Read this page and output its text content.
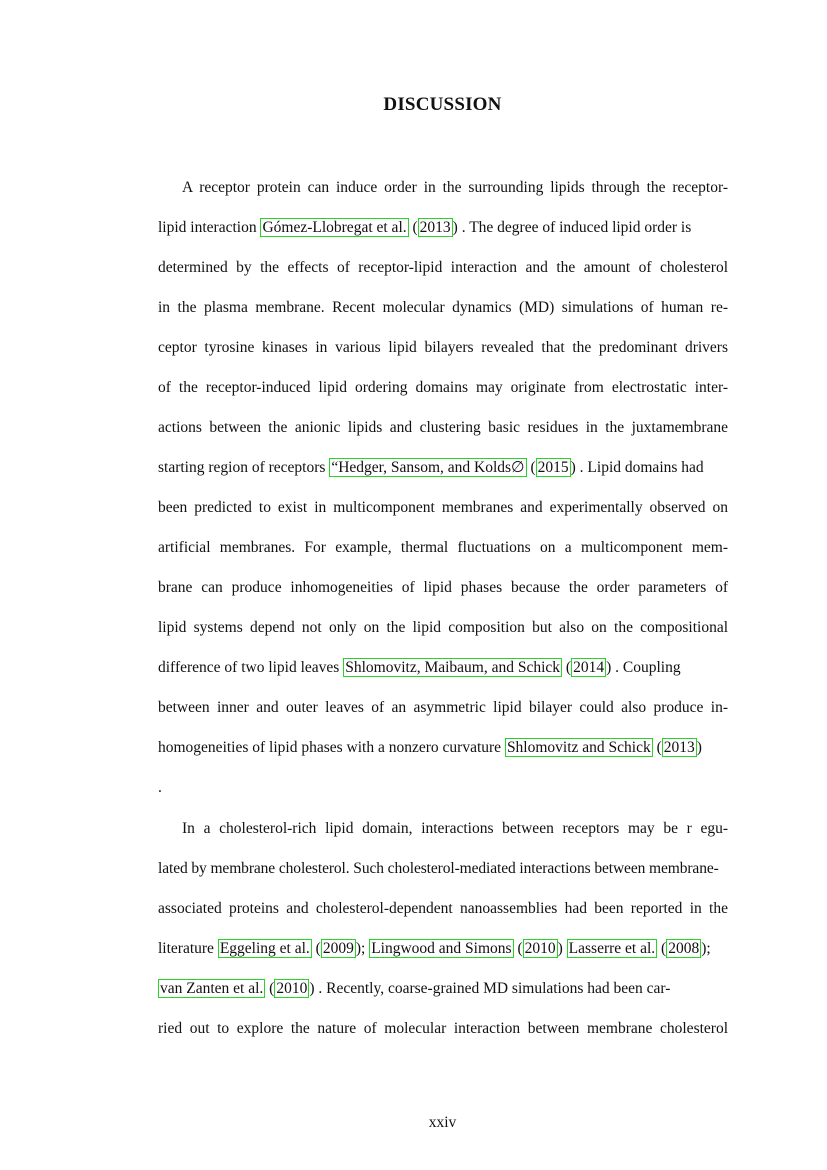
DISCUSSION
A receptor protein can induce order in the surrounding lipids through the receptor-
lipid interaction Gómez-Llobregat et al. ( 2013 ) . The degree of induced lipid order is
determined by the effects of receptor-lipid interaction and the amount of cholesterol
in the plasma membrane. Recent molecular dynamics (MD) simulations of human re-
ceptor tyrosine kinases in various lipid bilayers revealed that the predominant drivers
of the receptor-induced lipid ordering domains may originate from electrostatic inter-
actions between the anionic lipids and clustering basic residues in the juxtamembrane
starting region of receptors “Hedger, Sansom, and Kolds∅ ( 2015 ) . Lipid domains had
been predicted to exist in multicomponent membranes and experimentally observed on
artificial membranes. For example, thermal fluctuations on a multicomponent mem-
brane can produce inhomogeneities of lipid phases because the order parameters of
lipid systems depend not only on the lipid composition but also on the compositional
difference of two lipid leaves Shlomovitz, Maibaum, and Schick ( 2014 ) . Coupling
between inner and outer leaves of an asymmetric lipid bilayer could also produce in-
homogeneities of lipid phases with a nonzero curvature Shlomovitz and Schick ( 2013 )
.
In a cholesterol-rich lipid domain, interactions between receptors may be r egu-
lated by membrane cholesterol. Such cholesterol-mediated interactions between membrane-
associated proteins and cholesterol-dependent nanoassemblies had been reported in the
literature Eggeling et al. ( 2009 ); Lingwood and Simons ( 2010 ) Lasserre et al. ( 2008 );
van Zanten et al. ( 2010 ) . Recently, coarse-grained MD simulations had been car-
ried out to explore the nature of molecular interaction between membrane cholesterol
xxiv
